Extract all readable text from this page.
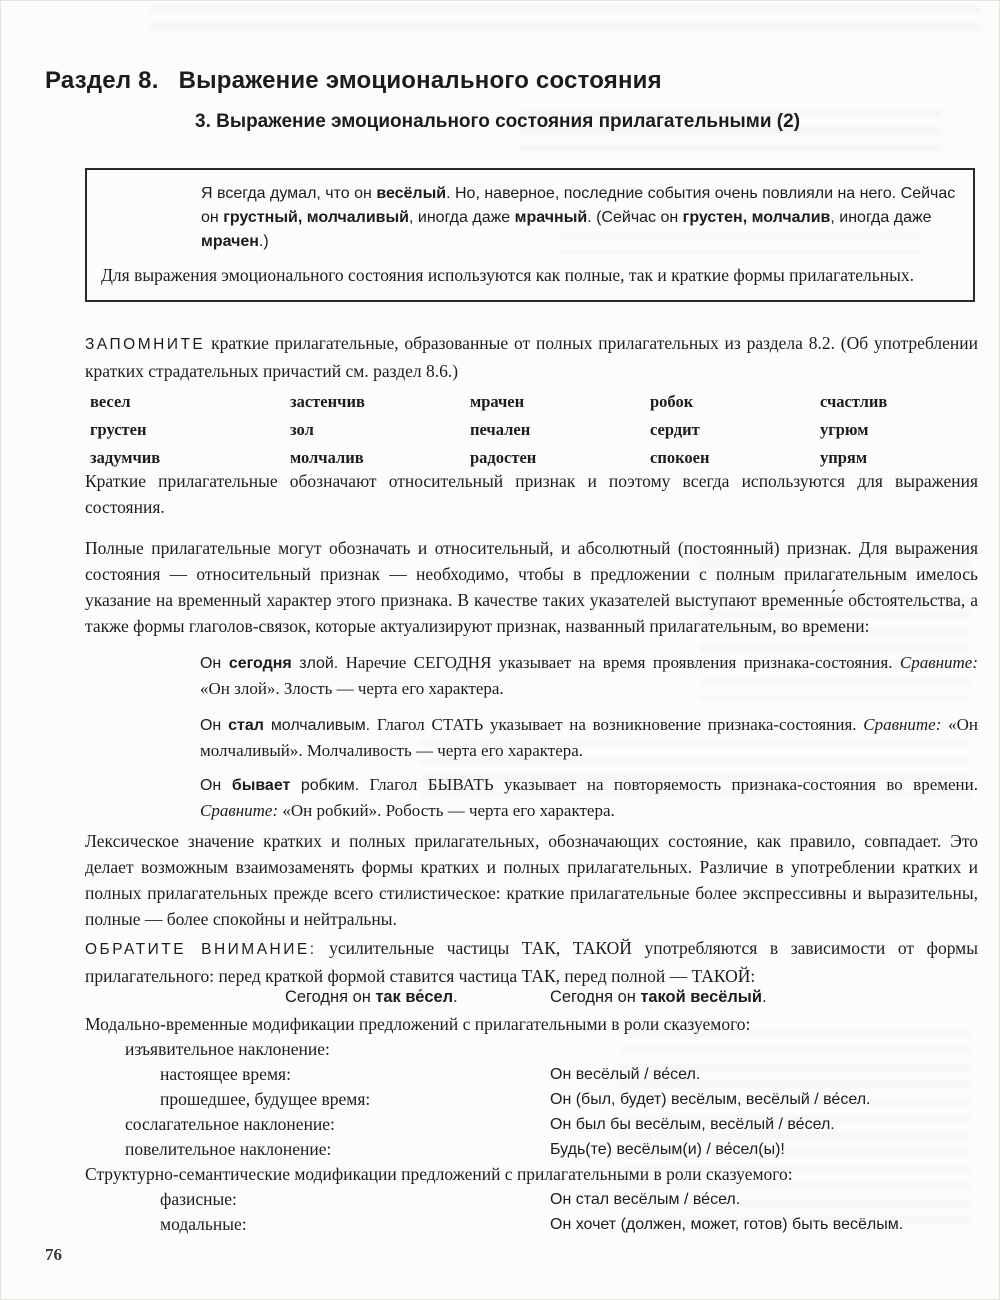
Раздел 8. Выражение эмоционального состояния
3. Выражение эмоционального состояния прилагательными (2)

Я всегда думал, что он весёлый. Но, наверное, последние события очень повлияли на него. Сейчас он грустный, молчаливый, иногда даже мрачный. (Сейчас он грустен, молчалив, иногда даже мрачен.)

Для выражения эмоционального состояния используются как полные, так и краткие формы прилагательных.

ЗАПОМНИТЕ краткие прилагательные, образованные от полных прилагательных из раздела 8.2. (Об употреблении кратких страдательных причастий см. раздел 8.6.)

весел	застенчив	мрачен	робок	счастлив
грустен	зол	печален	сердит	угрюм
задумчив	молчалив	радостен	спокоен	упрям

Краткие прилагательные обозначают относительный признак и поэтому всегда используются для выражения состояния.

Полные прилагательные могут обозначать и относительный, и абсолютный (постоянный) признак. Для выражения состояния — относительный признак — необходимо, чтобы в предложении с полным прилагательным имелось указание на временный характер этого признака. В качестве таких указателей выступают временны́е обстоятельства, а также формы глаголов-связок, которые актуализируют признак, названный прилагательным, во времени:

Он сегодня злой. Наречие СЕГОДНЯ указывает на время проявления признака-состояния. Сравните: «Он злой». Злость — черта его характера.

Он стал молчаливым. Глагол СТАТЬ указывает на возникновение признака-состояния. Сравните: «Он молчаливый». Молчаливость — черта его характера.

Он бывает робким. Глагол БЫВАТЬ указывает на повторяемость признака-состояния во времени. Сравните: «Он робкий». Робость — черта его характера.

Лексическое значение кратких и полных прилагательных, обозначающих состояние, как правило, совпадает. Это делает возможным взаимозаменять формы кратких и полных прилагательных. Различие в употреблении кратких и полных прилагательных прежде всего стилистическое: краткие прилагательные более экспрессивны и выразительны, полные — более спокойны и нейтральны.

ОБРАТИТЕ ВНИМАНИЕ: усилительные частицы ТАК, ТАКОЙ употребляются в зависимости от формы прилагательного: перед краткой формой ставится частица ТАК, перед полной — ТАКОЙ:

Сегодня он так ве́сел.	Сегодня он такой весёлый.

Модально-временные модификации предложений с прилагательными в роли сказуемого:

изъявительное наклонение:
настоящее время:	Он весёлый / ве́сел.
прошедшее, будущее время:	Он (был, будет) весёлым, весёлый / ве́сел.
сослагательное наклонение:	Он был бы весёлым, весёлый / ве́сел.
повелительное наклонение:	Будь(те) весёлым(и) / ве́сел(ы)!

Структурно-семантические модификации предложений с прилагательными в роли сказуемого:

фазисные:	Он стал весёлым / ве́сел.
модальные:	Он хочет (должен, может, готов) быть весёлым.
76
